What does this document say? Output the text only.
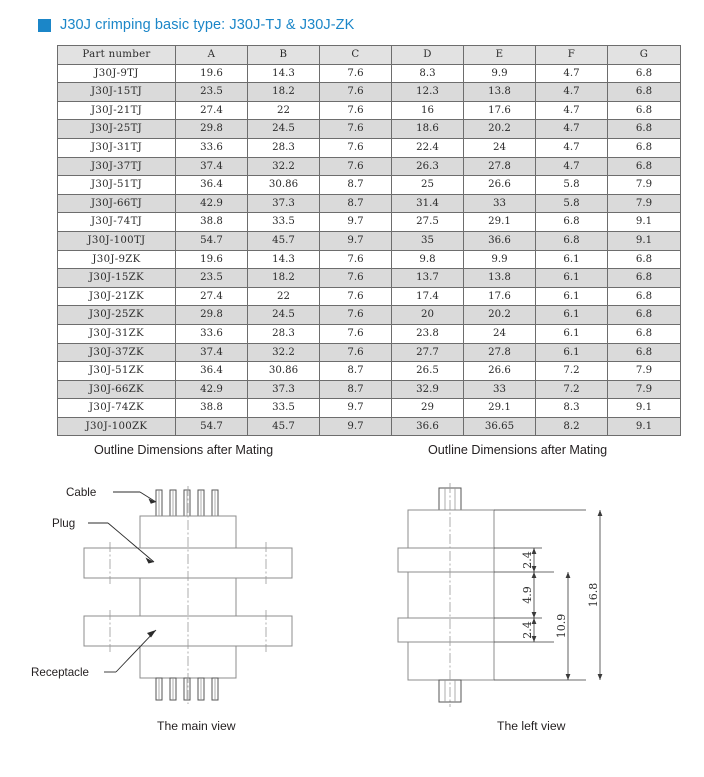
J30J crimping basic type: J30J-TJ & J30J-ZK
Part number	A	B	C	D	E	F	G
J30J-9TJ	19.6	14.3	7.6	8.3	9.9	4.7	6.8
J30J-15TJ	23.5	18.2	7.6	12.3	13.8	4.7	6.8
J30J-21TJ	27.4	22	7.6	16	17.6	4.7	6.8
J30J-25TJ	29.8	24.5	7.6	18.6	20.2	4.7	6.8
J30J-31TJ	33.6	28.3	7.6	22.4	24	4.7	6.8
J30J-37TJ	37.4	32.2	7.6	26.3	27.8	4.7	6.8
J30J-51TJ	36.4	30.86	8.7	25	26.6	5.8	7.9
J30J-66TJ	42.9	37.3	8.7	31.4	33	5.8	7.9
J30J-74TJ	38.8	33.5	9.7	27.5	29.1	6.8	9.1
J30J-100TJ	54.7	45.7	9.7	35	36.6	6.8	9.1
J30J-9ZK	19.6	14.3	7.6	9.8	9.9	6.1	6.8
J30J-15ZK	23.5	18.2	7.6	13.7	13.8	6.1	6.8
J30J-21ZK	27.4	22	7.6	17.4	17.6	6.1	6.8
J30J-25ZK	29.8	24.5	7.6	20	20.2	6.1	6.8
J30J-31ZK	33.6	28.3	7.6	23.8	24	6.1	6.8
J30J-37ZK	37.4	32.2	7.6	27.7	27.8	6.1	6.8
J30J-51ZK	36.4	30.86	8.7	26.5	26.6	7.2	7.9
J30J-66ZK	42.9	37.3	8.7	32.9	33	7.2	7.9
J30J-74ZK	38.8	33.5	9.7	29	29.1	8.3	9.1
J30J-100ZK	54.7	45.7	9.7	36.6	36.65	8.2	9.1
Outline Dimensions after Mating	Outline Dimensions after Mating
Cable
Plug
Receptacle
2.4
4.9
2.4 10.9
16.8
The main view	The left view
